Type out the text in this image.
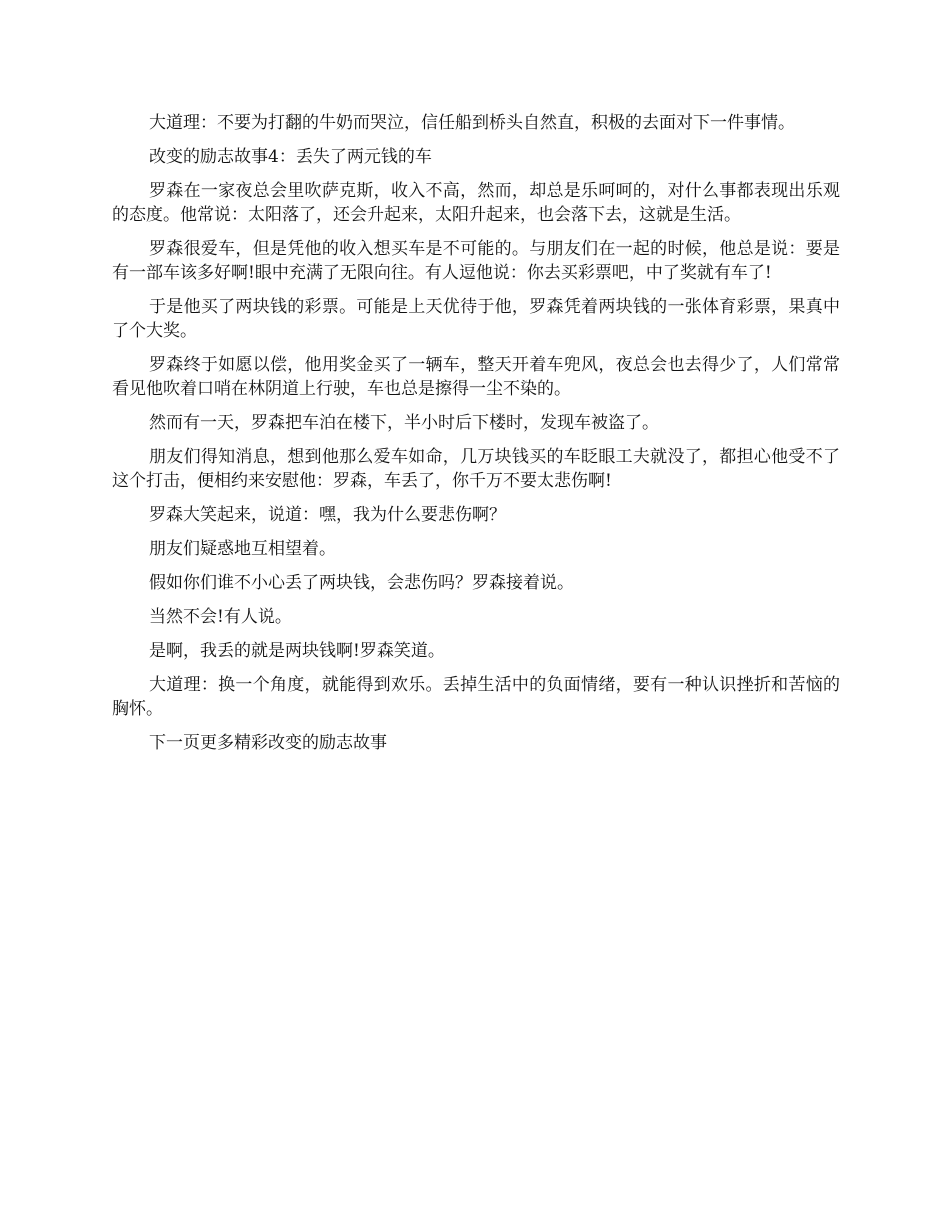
大道理：不要为打翻的牛奶而哭泣，信任船到桥头自然直，积极的去面对下一件事情。

改变的励志故事4：丢失了两元钱的车

罗森在一家夜总会里吹萨克斯，收入不高，然而，却总是乐呵呵的，对什么事都表现出乐观的态度。他常说：太阳落了，还会升起来，太阳升起来，也会落下去，这就是生活。

罗森很爱车，但是凭他的收入想买车是不可能的。与朋友们在一起的时候，他总是说：要是有一部车该多好啊!眼中充满了无限向往。有人逗他说：你去买彩票吧，中了奖就有车了!

于是他买了两块钱的彩票。可能是上天优待于他，罗森凭着两块钱的一张体育彩票，果真中了个大奖。

罗森终于如愿以偿，他用奖金买了一辆车，整天开着车兜风，夜总会也去得少了，人们常常看见他吹着口哨在林阴道上行驶，车也总是擦得一尘不染的。

然而有一天，罗森把车泊在楼下，半小时后下楼时，发现车被盗了。

朋友们得知消息，想到他那么爱车如命，几万块钱买的车眨眼工夫就没了，都担心他受不了这个打击，便相约来安慰他：罗森，车丢了，你千万不要太悲伤啊!

罗森大笑起来，说道：嘿，我为什么要悲伤啊？

朋友们疑惑地互相望着。

假如你们谁不小心丢了两块钱，会悲伤吗？罗森接着说。

当然不会!有人说。

是啊，我丢的就是两块钱啊!罗森笑道。

大道理：换一个角度，就能得到欢乐。丢掉生活中的负面情绪，要有一种认识挫折和苦恼的胸怀。

下一页更多精彩改变的励志故事
